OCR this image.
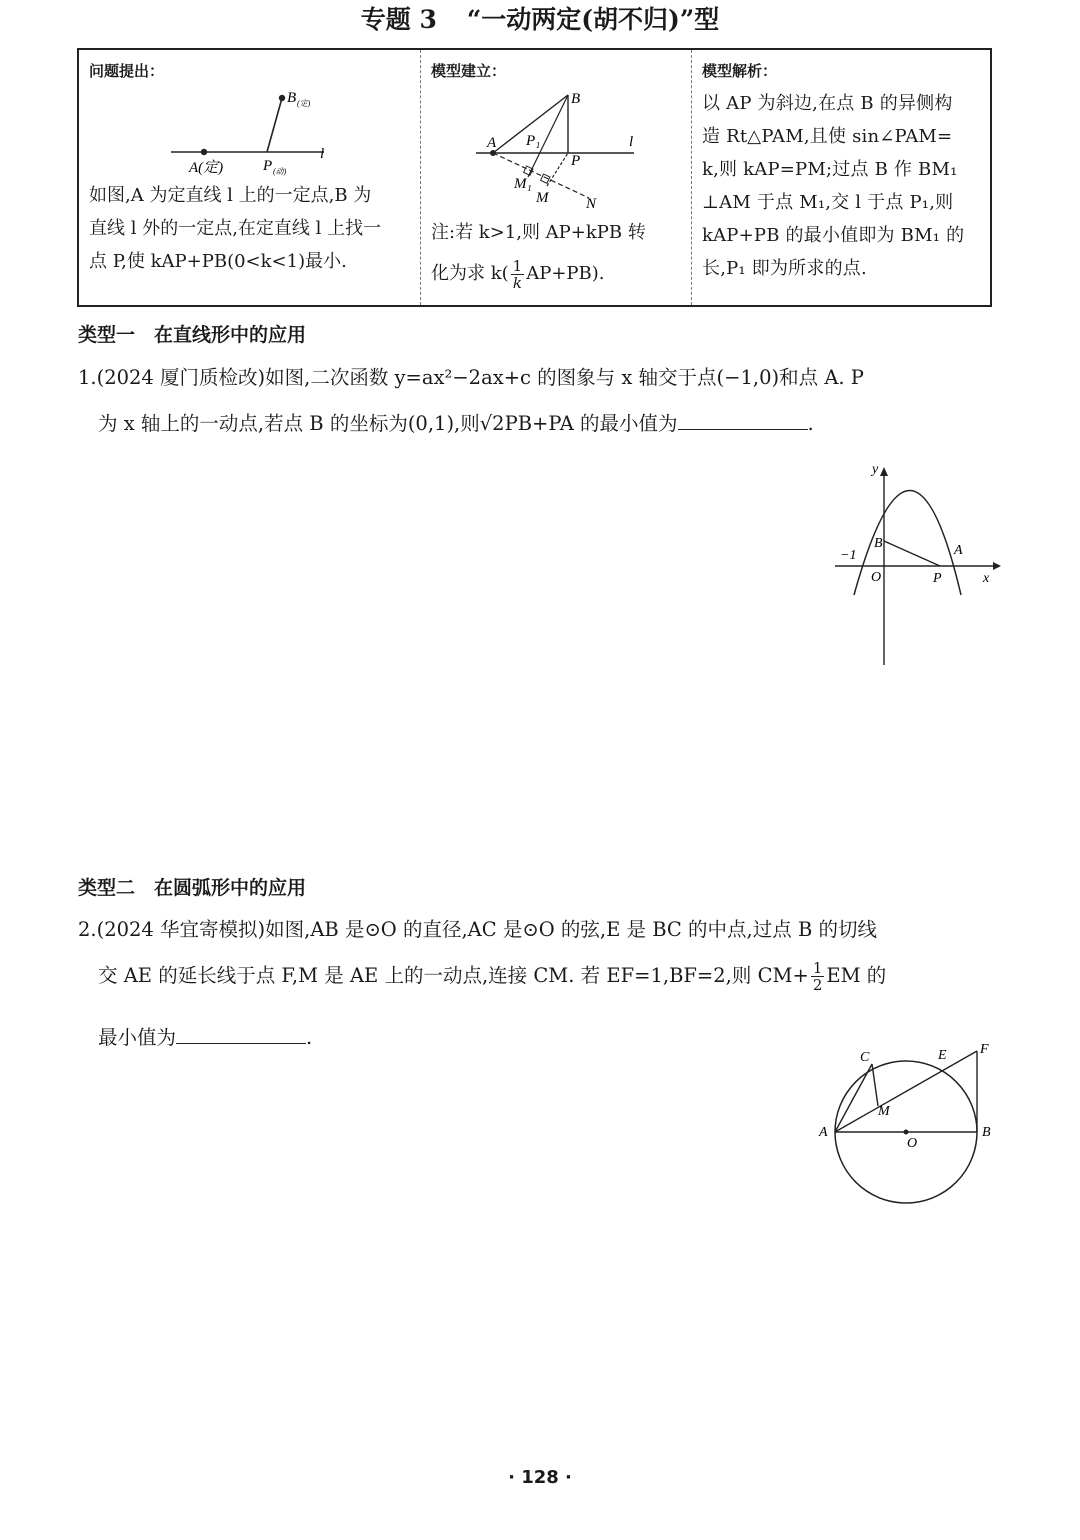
专题 3 “一动两定(胡不归)”型
问题提出：
B (定)
A(定)	P (动)
l
如图,A 为定直线 l 上的一定点,B 为
直线 l 外的一定点,在定直线 l 上找一
点 P,使 kAP+PB(0<k<1)最小.
模型建立：
A
B
P₁
P
M₁
M	N
l
注:若 k>1,则 AP+kPB 转
化为求 $k( \frac{1}{k} AP+PB)$.
模型解析：
以 AP 为斜边,在点 B 的异侧构
造 Rt△PAM,且使 sin∠PAM=
k,则 kAP=PM;过点 B 作 BM₁
⊥AM 于点 M₁,交 l 于点 P₁,则
kAP+PB 的最小值即为 BM₁ 的
长,P₁ 即为所求的点.
类型一　在直线形中的应用
1.(2024 厦门质检改)如图,二次函数 y=ax²−2ax+c 的图象与 x 轴交于点(−1,0)和点 A. P
为 x 轴上的一动点,若点 B 的坐标为(0,1),则√2PB+PA 的最小值为	.
y
x
−1
O
B	A
P
类型二　在圆弧形中的应用
2.(2024 华宜寄模拟)如图,AB 是⊙O 的直径,AC 是⊙O 的弦,E 是 BC 的中点,过点 B 的切线
交 AE 的延长线于点 F,M 是 AE 上的一动点,连接 CM. 若 EF=1,BF=2,则 $CM+ \frac{1}{2}$ EM 的
最小值为	.
C	E F
M
A
O
B
· 128 ·
